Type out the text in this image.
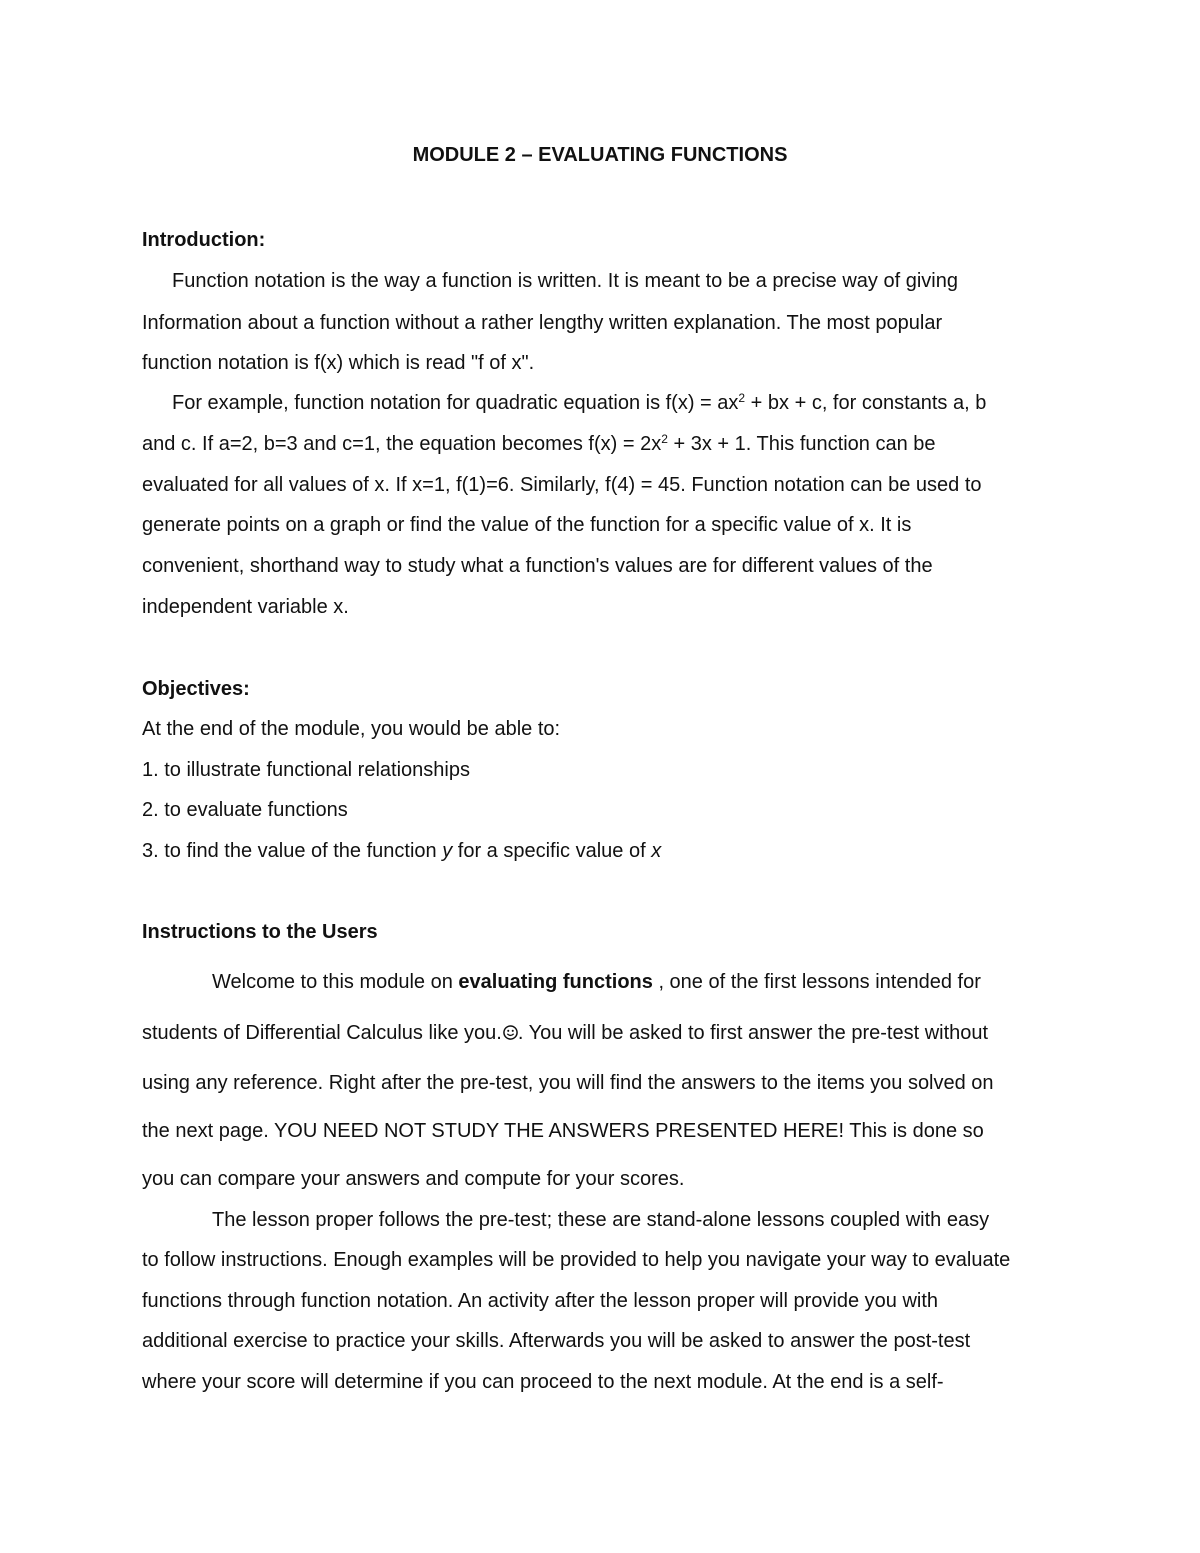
MODULE 2 – EVALUATING FUNCTIONS
Introduction:
Function notation is the way a function is written. It is meant to be a precise way of giving
Information about a function without a rather lengthy written explanation. The most popular
function notation is f(x) which is read "f of x".
For example, function notation for quadratic equation is $f(x) = ax^2$ + bx + c, for constants a, b
and c. If a=2, b=3 and c=1, the equation becomes $f(x) = 2x^2 + 3x + 1$. This function can be
evaluated for all values of x. If x=1, f(1)=6. Similarly, f(4) = 45. Function notation can be used to
generate points on a graph or find the value of the function for a specific value of x. It is
convenient, shorthand way to study what a function's values are for different values of the
independent variable x.
Objectives:
At the end of the module, you would be able to:
1. to illustrate functional relationships
2. to evaluate functions
3. to find the value of the function y for a specific value of x
Instructions to the Users
Welcome to this module on evaluating functions , one of the first lessons intended for
students of Differential Calculus like you. . You will be asked to first answer the pre-test without
using any reference. Right after the pre-test, you will find the answers to the items you solved on
the next page. YOU NEED NOT STUDY THE ANSWERS PRESENTED HERE! This is done so
you can compare your answers and compute for your scores.
The lesson proper follows the pre-test; these are stand-alone lessons coupled with easy
to follow instructions. Enough examples will be provided to help you navigate your way to evaluate
functions through function notation. An activity after the lesson proper will provide you with
additional exercise to practice your skills. Afterwards you will be asked to answer the post-test
where your score will determine if you can proceed to the next module. At the end is a self-
